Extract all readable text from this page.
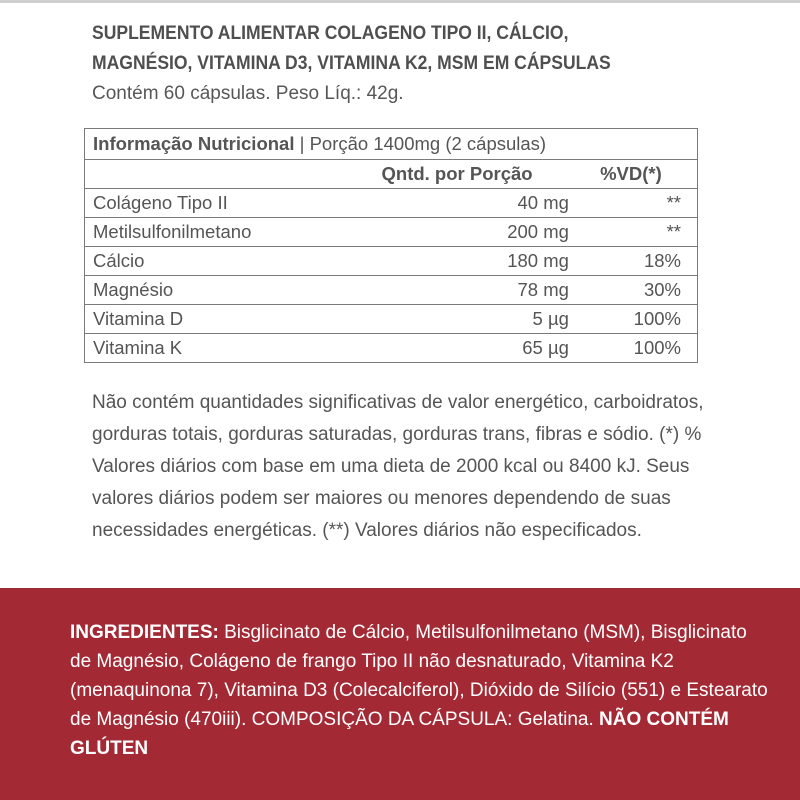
SUPLEMENTO ALIMENTAR COLAGENO TIPO II, CÁLCIO,
MAGNÉSIO, VITAMINA D3, VITAMINA K2, MSM EM CÁPSULAS
Contém 60 cápsulas. Peso Líq.: 42g.
Informação Nutricional | Porção 1400mg (2 cápsulas)		
	Qntd. por Porção	%VD(*)
Colágeno Tipo II	40 mg	**
Metilsulfonilmetano	200 mg	**
Cálcio	180 mg	18%
Magnésio	78 mg	30%
Vitamina D	5 µg	100%
Vitamina K	65 µg	100%
Não contém quantidades significativas de valor energético, carboidratos, gorduras totais, gorduras saturadas, gorduras trans, fibras e sódio. (*) % Valores diários com base em uma dieta de 2000 kcal ou 8400 kJ. Seus valores diários podem ser maiores ou menores dependendo de suas necessidades energéticas. (**) Valores diários não especificados.
INGREDIENTES: Bisglicinato de Cálcio, Metilsulfonilmetano (MSM), Bisglicinato de Magnésio, Colágeno de frango Tipo II não desnaturado, Vitamina K2 (menaquinona 7), Vitamina D3 (Colecalciferol), Dióxido de Silício (551) e Estearato de Magnésio (470iii). COMPOSIÇÃO DA CÁPSULA: Gelatina. NÃO CONTÉM GLÚTEN
